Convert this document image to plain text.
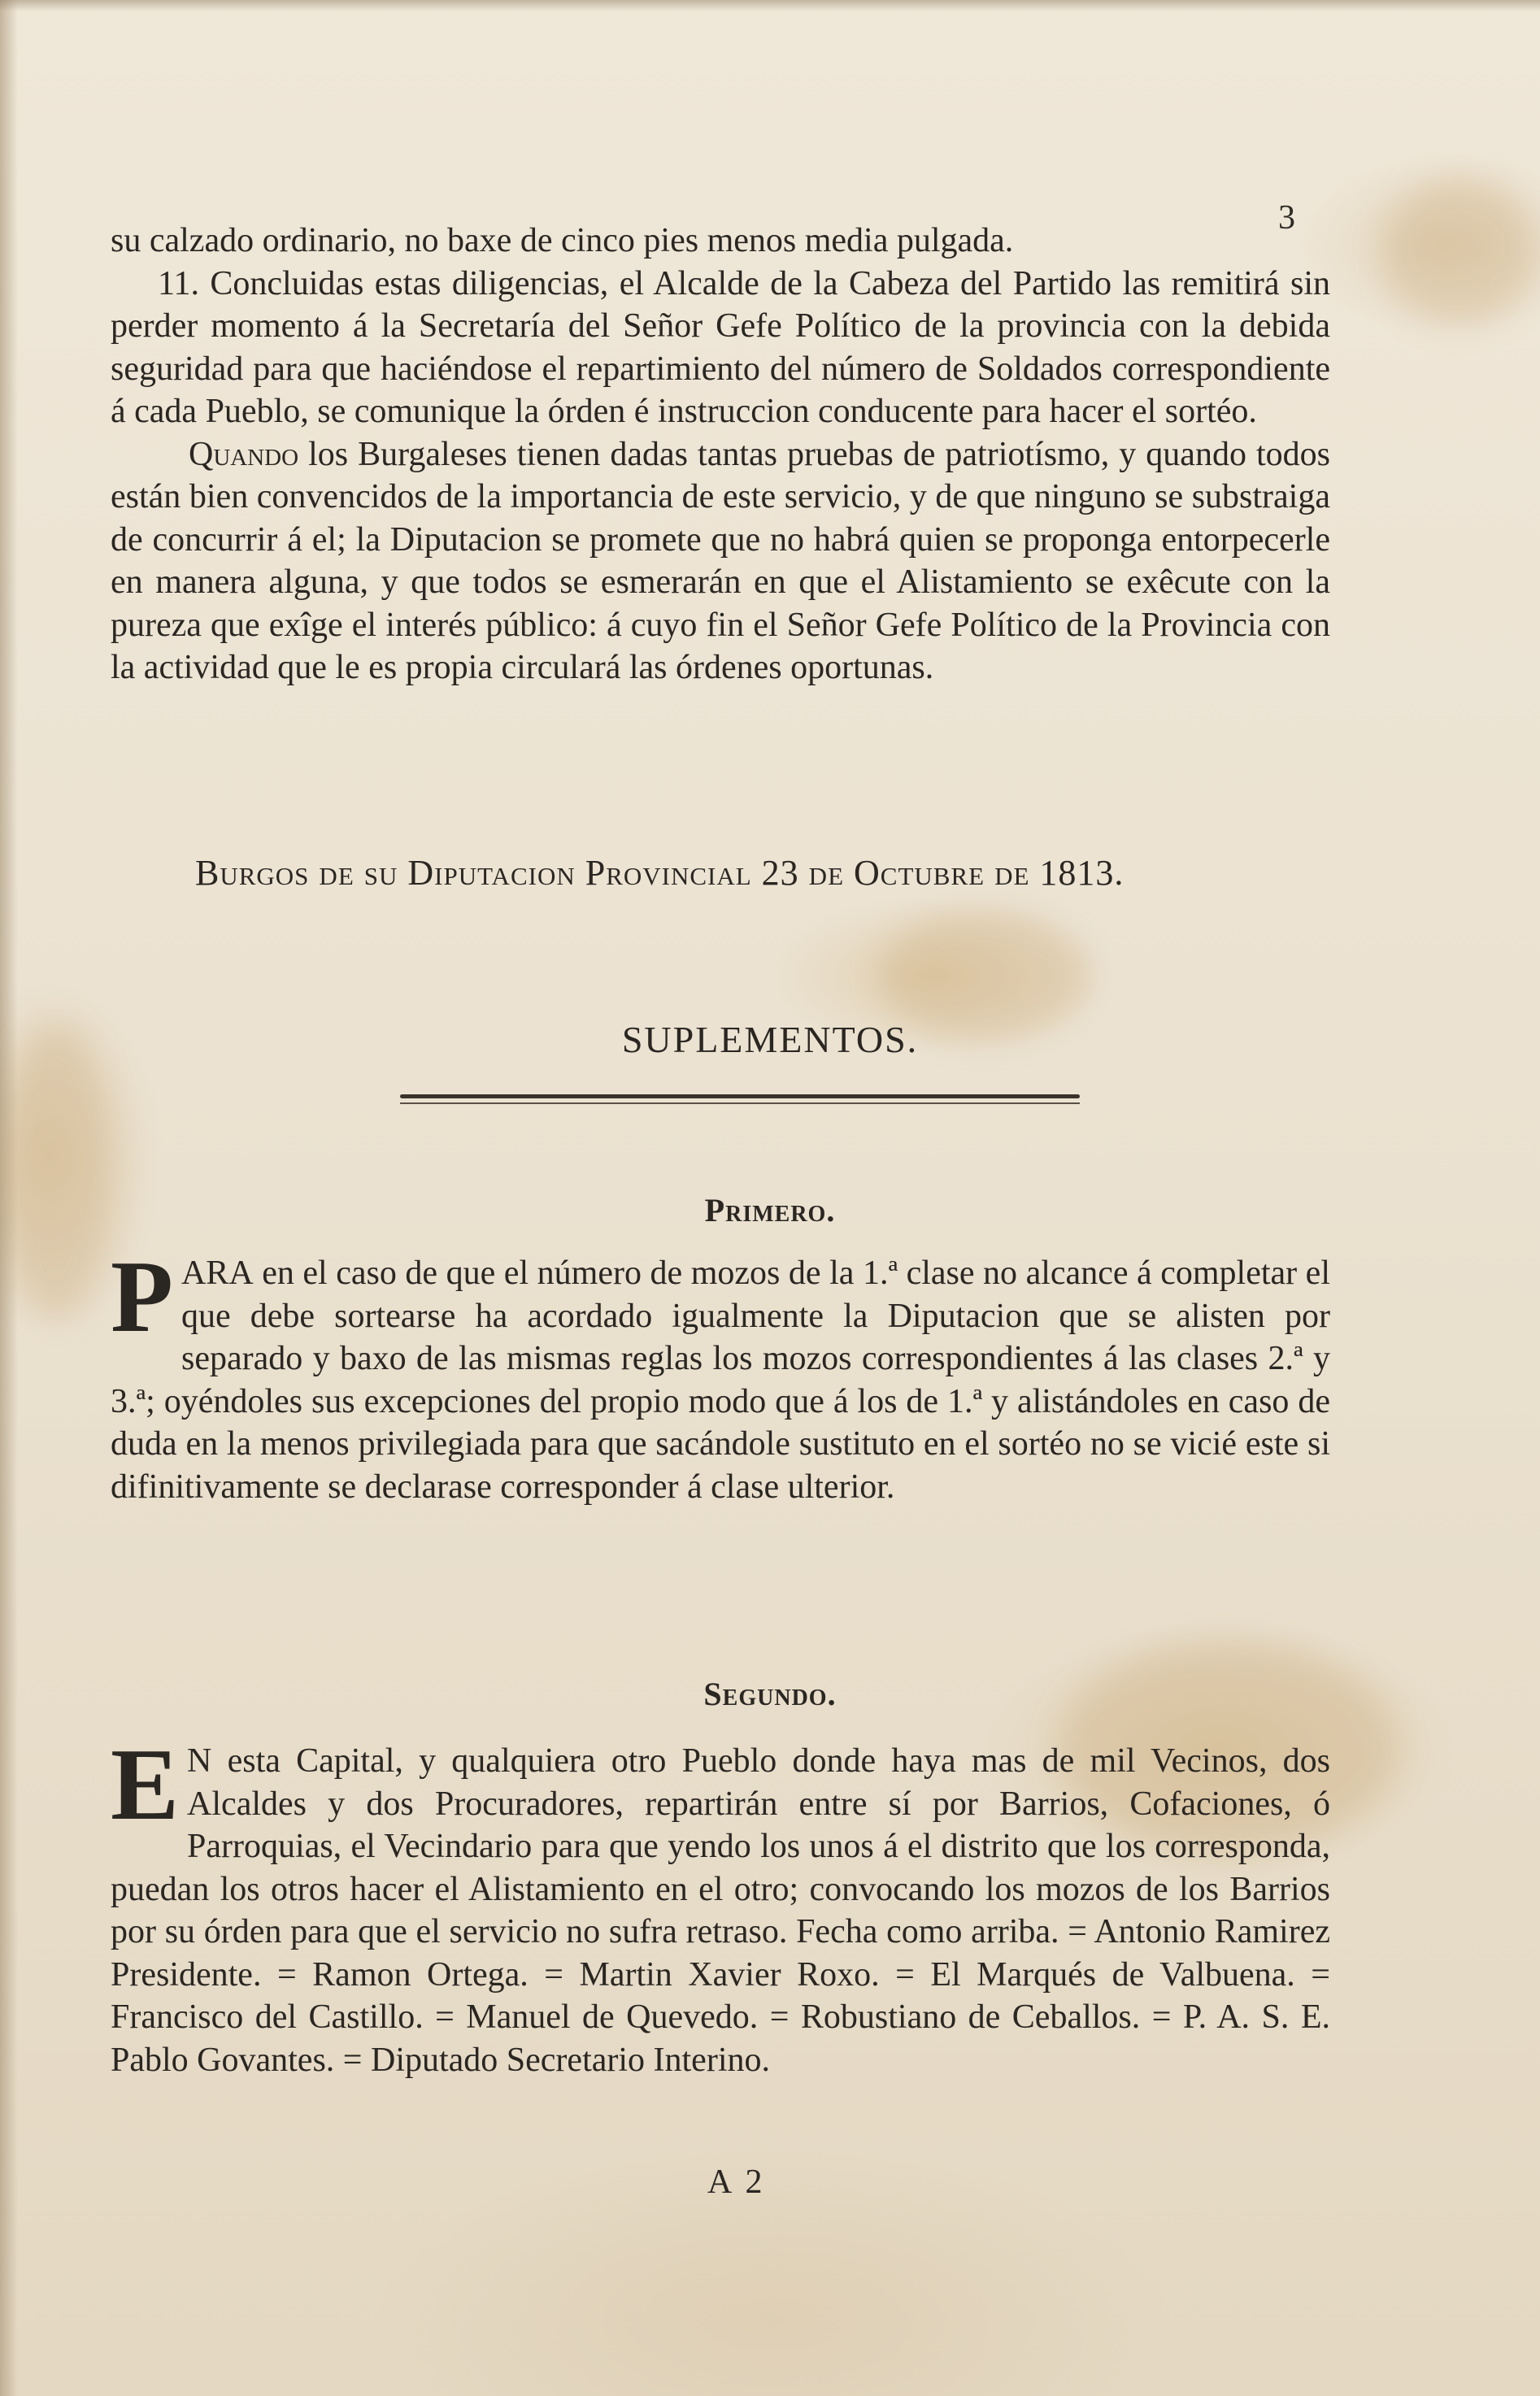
3

su calzado ordinario, no baxe de cinco pies menos media pulgada.

11. Concluidas estas diligencias, el Alcalde de la Cabeza del Partido las remitirá sin perder momento á la Secretaría del Señor Gefe Político de la provincia con la debida seguridad para que haciéndose el repartimiento del número de Soldados correspondiente á cada Pueblo, se comunique la órden é instruccion conducente para hacer el sortéo.

Quando los Burgaleses tienen dadas tantas pruebas de patriotísmo, y quando todos están bien convencidos de la importancia de este servicio, y de que ninguno se substraiga de concurrir á el; la Diputacion se promete que no habrá quien se proponga entorpecerle en manera alguna, y que todos se esmerarán en que el Alistamiento se exêcute con la pureza que exîge el interés público: á cuyo fin el Señor Gefe Político de la Provincia con la actividad que le es propia circulará las órdenes oportunas.

Burgos de su Diputacion Provincial 23 de Octubre de 1813.
SUPLEMENTOS.
Primero.

PARA en el caso de que el número de mozos de la 1.ª clase no alcance á completar el que debe sortearse ha acordado igualmente la Diputacion que se alisten por separado y baxo de las mismas reglas los mozos correspondientes á las clases 2.ª y 3.ª; oyéndoles sus excepciones del propio modo que á los de 1.ª y alistándoles en caso de duda en la menos privilegiada para que sacándole sustituto en el sortéo no se vicié este si difinitivamente se declarase corresponder á clase ulterior.

Segundo.

E N esta Capital, y qualquiera otro Pueblo donde haya mas de mil Vecinos, dos Alcaldes y dos Procuradores, repartirán entre sí por Barrios, Cofaciones, ó Parroquias, el Vecindario para que yendo los unos á el distrito que los corresponda, puedan los otros hacer el Alistamiento en el otro; convocando los mozos de los Barrios por su órden para que el servicio no sufra retraso. Fecha como arriba. = Antonio Ramirez Presidente. = Ramon Ortega. = Martin Xavier Roxo. = El Marqués de Valbuena. = Francisco del Castillo. = Manuel de Quevedo. = Robustiano de Ceballos. = P. A. S. E. Pablo Govantes. = Diputado Secretario Interino.

A 2
